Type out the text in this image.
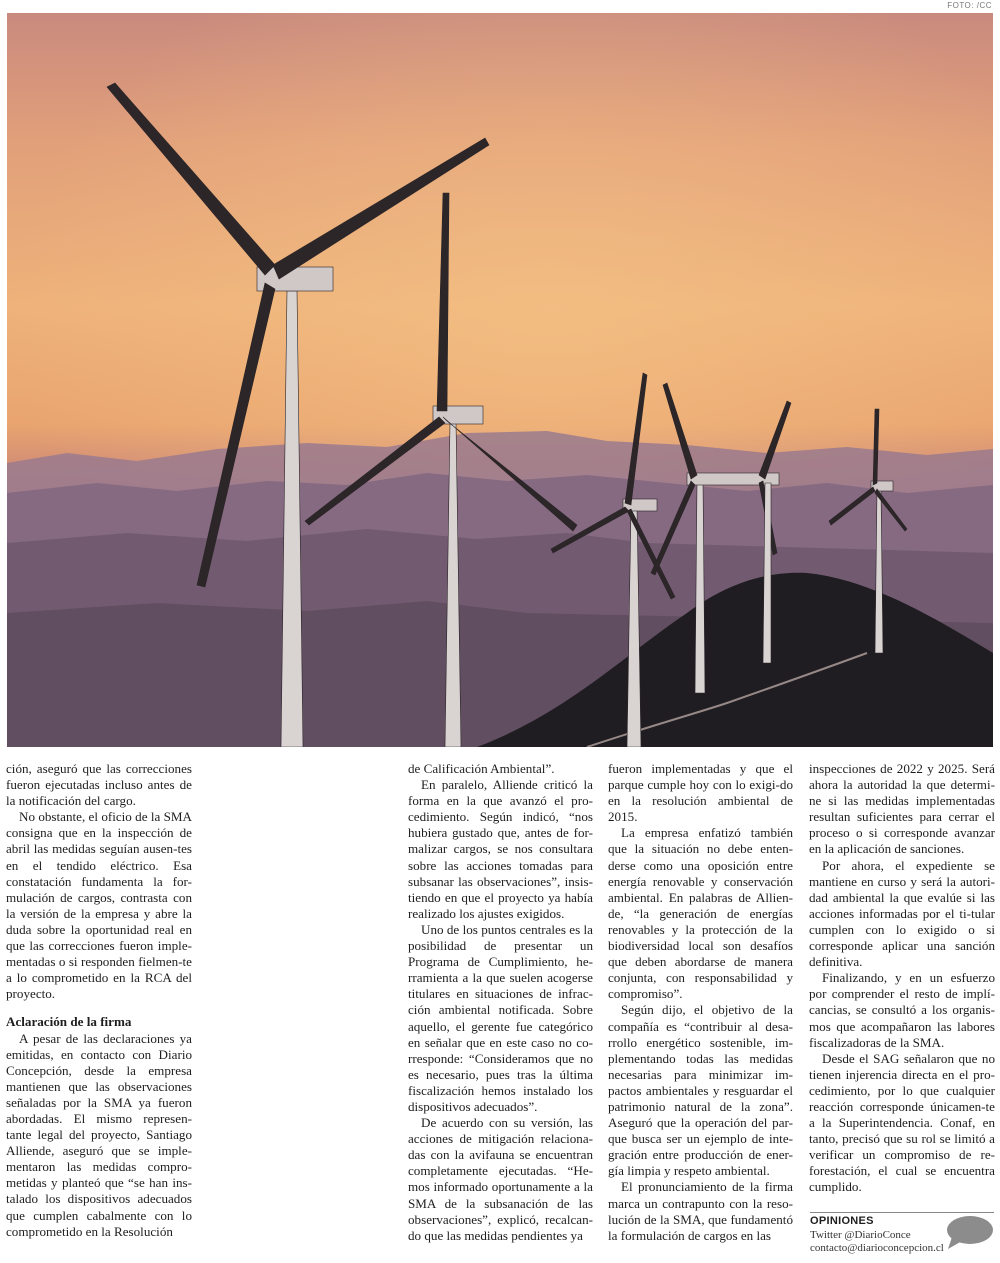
FOTO: /CC

ción, aseguró que las correcciones fueron ejecutadas incluso antes de la notificación del cargo.

No obstante, el oficio de la SMA consigna que en la inspección de abril las medidas seguían ausen-tes en el tendido eléctrico. Esa constatación fundamenta la for-mulación de cargos, contrasta con la versión de la empresa y abre la duda sobre la oportunidad real en que las correcciones fueron imple-mentadas o si responden fielmen-te a lo comprometido en la RCA del proyecto.

Aclaración de la firma

A pesar de las declaraciones ya emitidas, en contacto con Diario Concepción, desde la empresa mantienen que las observaciones señaladas por la SMA ya fueron abordadas. El mismo represen-tante legal del proyecto, Santiago Alliende, aseguró que se imple-mentaron las medidas compro-metidas y planteó que “se han ins-talado los dispositivos adecuados que cumplen cabalmente con lo comprometido en la Resolución

de Calificación Ambiental”.

En paralelo, Alliende criticó la forma en la que avanzó el pro-cedimiento. Según indicó, “nos hubiera gustado que, antes de for-malizar cargos, se nos consultara sobre las acciones tomadas para subsanar las observaciones”, insis-tiendo en que el proyecto ya había realizado los ajustes exigidos.

Uno de los puntos centrales es la posibilidad de presentar un Programa de Cumplimiento, he-rramienta a la que suelen acogerse titulares en situaciones de infrac-ción ambiental notificada. Sobre aquello, el gerente fue categórico en señalar que en este caso no co-rresponde: “Consideramos que no es necesario, pues tras la última fiscalización hemos instalado los dispositivos adecuados”.

De acuerdo con su versión, las acciones de mitigación relaciona-das con la avifauna se encuentran completamente ejecutadas. “He-mos informado oportunamente a la SMA de la subsanación de las observaciones”, explicó, recalcan-do que las medidas pendientes ya

fueron implementadas y que el parque cumple hoy con lo exigi-do en la resolución ambiental de 2015.

La empresa enfatizó también que la situación no debe enten-derse como una oposición entre energía renovable y conservación ambiental. En palabras de Allien-de, “la generación de energías renovables y la protección de la biodiversidad local son desafíos que deben abordarse de manera conjunta, con responsabilidad y compromiso”.

Según dijo, el objetivo de la compañía es “contribuir al desa-rrollo energético sostenible, im-plementando todas las medidas necesarias para minimizar im-pactos ambientales y resguardar el patrimonio natural de la zona”. Aseguró que la operación del par-que busca ser un ejemplo de inte-gración entre producción de ener-gía limpia y respeto ambiental.

El pronunciamiento de la firma marca un contrapunto con la reso-lución de la SMA, que fundamentó la formulación de cargos en las

inspecciones de 2022 y 2025. Será ahora la autoridad la que determi-ne si las medidas implementadas resultan suficientes para cerrar el proceso o si corresponde avanzar en la aplicación de sanciones.

Por ahora, el expediente se mantiene en curso y será la autori-dad ambiental la que evalúe si las acciones informadas por el ti-tular cumplen con lo exigido o si corresponde aplicar una sanción definitiva.

Finalizando, y en un esfuerzo por comprender el resto de implí-cancias, se consultó a los organis-mos que acompañaron las labores fiscalizadoras de la SMA.

Desde el SAG señalaron que no tienen injerencia directa en el pro-cedimiento, por lo que cualquier reacción corresponde únicamen-te a la Superintendencia. Conaf, en tanto, precisó que su rol se limitó a verificar un compromiso de re-forestación, el cual se encuentra cumplido.

OPINIONES
Twitter @DiarioConce
contacto@diarioconcepcion.cl
